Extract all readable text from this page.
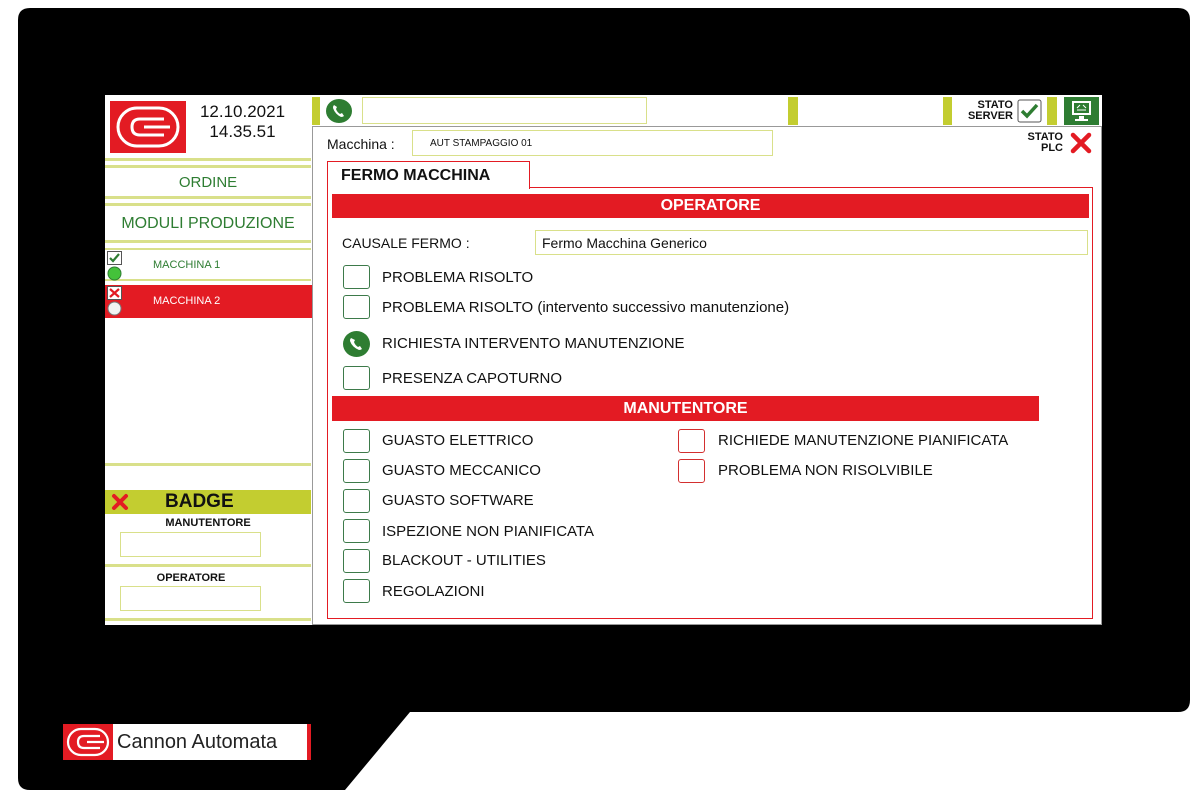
12.10.2021
14.35.51
ORDINE
MODULI PRODUZIONE
MACCHINA 1
MACCHINA 2
BADGE
MANUTENTORE
OPERATORE
STATO
SERVER
Macchina :	AUT STAMPAGGIO 01
STATO
PLC
FERMO MACCHINA
OPERATORE
CAUSALE FERMO :	Fermo Macchina Generico
PROBLEMA RISOLTO
PROBLEMA RISOLTO (intervento successivo manutenzione)
RICHIESTA INTERVENTO MANUTENZIONE
PRESENZA CAPOTURNO
MANUTENTORE
GUASTO ELETTRICO
GUASTO MECCANICO
GUASTO SOFTWARE
ISPEZIONE NON PIANIFICATA
BLACKOUT - UTILITIES
REGOLAZIONI
RICHIEDE MANUTENZIONE PIANIFICATA
PROBLEMA NON RISOLVIBILE
Cannon Automata
